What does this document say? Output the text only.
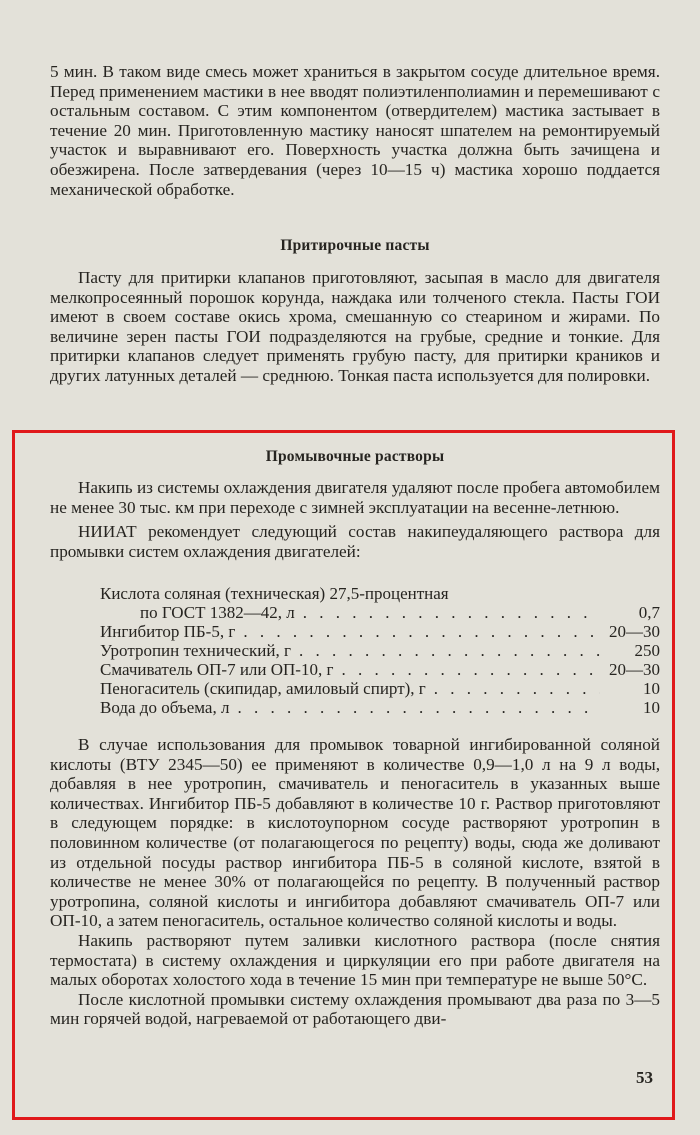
5 мин. В таком виде смесь может храниться в закрытом сосуде длительное время. Перед применением мастики в нее вводят полиэтиленполиамин и перемешивают с остальным составом. С этим компонентом (отвердителем) мастика застывает в течение 20 мин. Приготовленную мастику наносят шпателем на ремонтируемый участок и выравнивают его. Поверхность участка должна быть зачищена и обезжирена. После затвердевания (через 10—15 ч) мастика хорошо поддается механической обработке.

Притирочные пасты

Пасту для притирки клапанов приготовляют, засыпая в масло для двигателя мелкопросеянный порошок корунда, наждака или толченого стекла. Пасты ГОИ имеют в своем составе окись хрома, смешанную со стеарином и жирами. По величине зерен пасты ГОИ подразделяются на грубые, средние и тонкие. Для притирки клапанов следует применять грубую пасту, для притирки краников и других латунных деталей — среднюю. Тонкая паста используется для полировки.

Промывочные растворы

Накипь из системы охлаждения двигателя удаляют после пробега автомобилем не менее 30 тыс. км при переходе с зимней эксплуатации на весенне-летнюю.

НИИАТ рекомендует следующий состав накипеудаляющего раствора для промывки систем охлаждения двигателей:

Кислота соляная (техническая) 27,5-процентная
по ГОСТ 1382—42, л . . .	0,7
Ингибитор ПБ-5, г . . .	20—30
Уротропин технический, г . . .	250
Смачиватель ОП-7 или ОП-10, г . . .	20—30
Пеногаситель (скипидар, амиловый спирт), г . . .	10
Вода до объема, л . . .	10

В случае использования для промывок товарной ингибированной соляной кислоты (ВТУ 2345—50) ее применяют в количестве 0,9—1,0 л на 9 л воды, добавляя в нее уротропин, смачиватель и пеногаситель в указанных выше количествах. Ингибитор ПБ-5 добавляют в количестве 10 г. Раствор приготовляют в следующем порядке: в кислотоупорном сосуде растворяют уротропин в половинном количестве (от полагающегося по рецепту) воды, сюда же доливают из отдельной посуды раствор ингибитора ПБ-5 в соляной кислоте, взятой в количестве не менее 30% от полагающейся по рецепту. В полученный раствор уротропина, соляной кислоты и ингибитора добавляют смачиватель ОП-7 или ОП-10, а затем пеногаситель, остальное количество соляной кислоты и воды.

Накипь растворяют путем заливки кислотного раствора (после снятия термостата) в систему охлаждения и циркуляции его при работе двигателя на малых оборотах холостого хода в течение 15 мин при температуре не выше 50°С.

После кислотной промывки систему охлаждения промывают два раза по 3—5 мин горячей водой, нагреваемой от работающего дви-

53
